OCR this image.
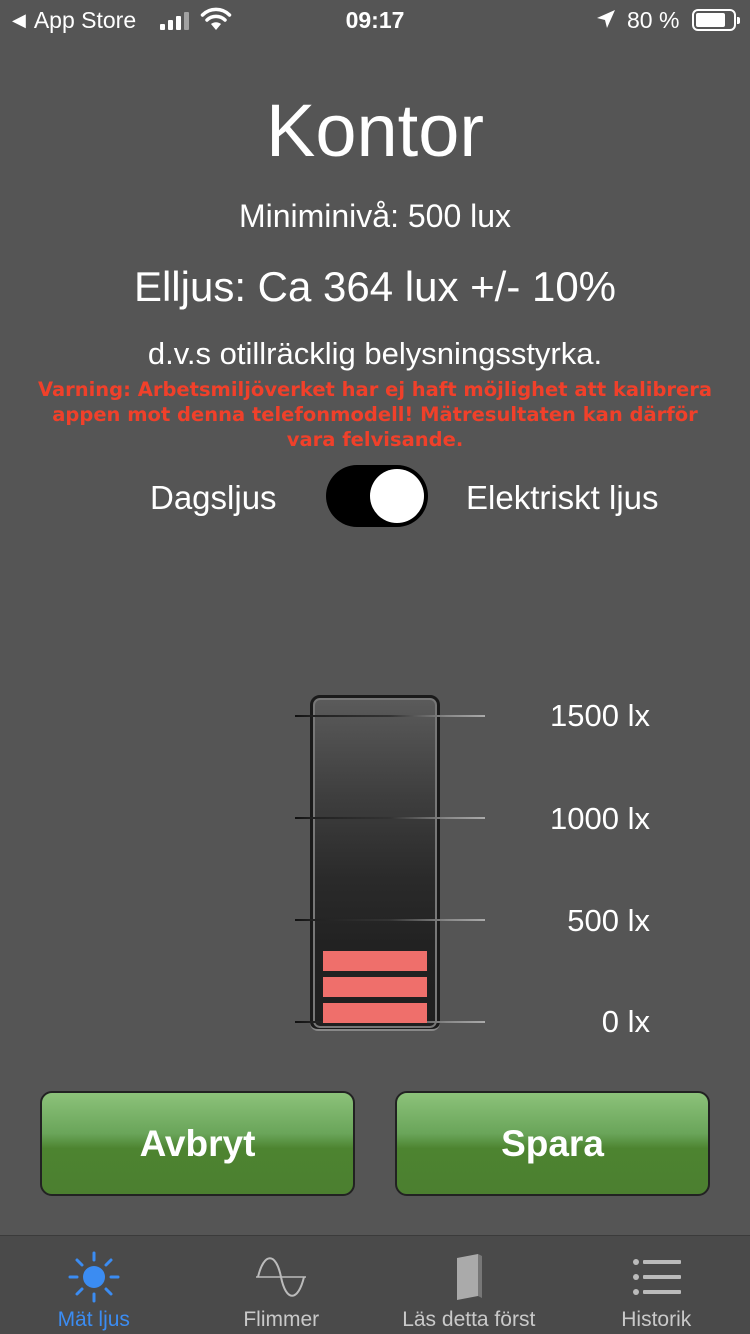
◀ App Store	09:17	80 %
Kontor
Miniminivå: 500 lux
Elljus: Ca 364 lux +/- 10%
d.v.s otillräcklig belysningsstyrka.
Varning: Arbetsmiljöverket har ej haft möjlighet att kalibrera appen mot denna telefonmodell! Mätresultaten kan därför vara felvisande.
Dagsljus	Elektriskt ljus
1500 lx
1000 lx
500 lx
0 lx
Avbryt	Spara
Mät ljus	Flimmer	Läs detta först	Historik
